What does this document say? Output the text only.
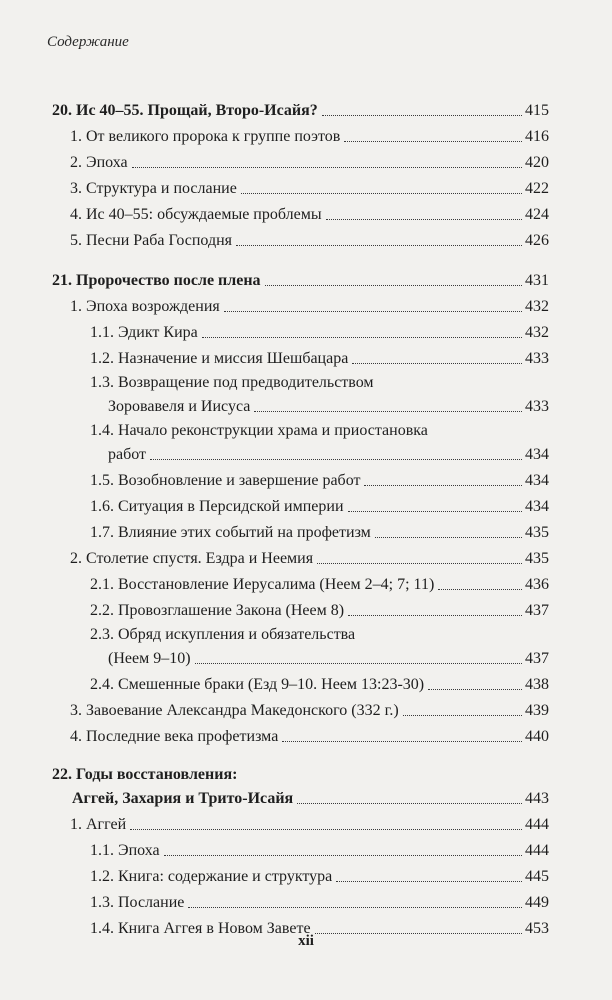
Содержание
20. Ис 40–55. Прощай, Второ-Исайя?	415
1. От великого пророка к группе поэтов	416
2. Эпоха	420
3. Структура и послание	422
4. Ис 40–55: обсуждаемые проблемы	424
5. Песни Раба Господня	426
21. Пророчество после плена	431
1. Эпоха возрождения	432
1.1. Эдикт Кира	432
1.2. Назначение и миссия Шешбацара	433
1.3. Возвращение под предводительством
Зоровавеля и Иисуса	433
1.4. Начало реконструкции храма и приостановка
работ	434
1.5. Возобновление и завершение работ	434
1.6. Ситуация в Персидской империи	434
1.7. Влияние этих событий на профетизм	435
2. Столетие спустя. Ездра и Неемия	435
2.1. Восстановление Иерусалима (Неем 2–4; 7; 11)	436
2.2. Провозглашение Закона (Неем 8)	437
2.3. Обряд искупления и обязательства
(Неем 9–10)	437
2.4. Смешенные браки (Езд 9–10. Неем 13:23-30)	438
3. Завоевание Александра Македонского (332 г.)	439
4. Последние века профетизма	440
22. Годы восстановления:
Аггей, Захария и Трито-Исайя	443
1. Аггей	444
1.1. Эпоха	444
1.2. Книга: содержание и структура	445
1.3. Послание	449
1.4. Книга Аггея в Новом Завете	453
xii
